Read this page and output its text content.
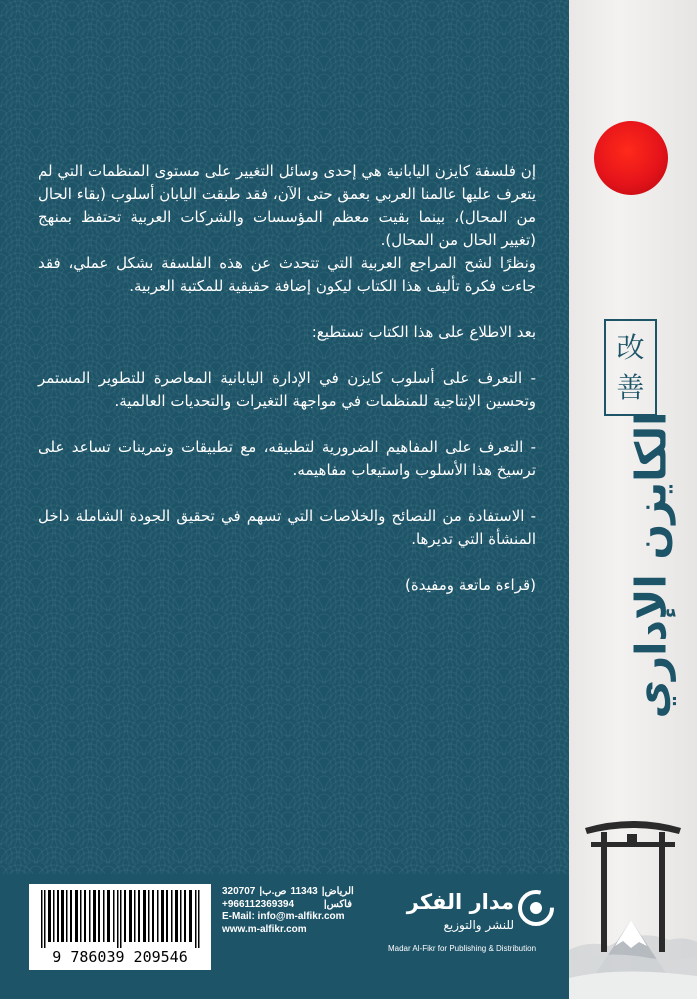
إن فلسفة كايزن اليابانية هي إحدى وسائل التغيير على مستوى المنظمات التي لم يتعرف عليها عالمنا العربي بعمق حتى الآن، فقد طبقت اليابان أسلوب (بقاء الحال من المحال)، بينما بقيت معظم المؤسسات والشركات العربية تحتفظ بمنهج (تغيير الحال من المحال).

ونظرًا لشح المراجع العربية التي تتحدث عن هذه الفلسفة بشكل عملي، فقد جاءت فكرة تأليف هذا الكتاب ليكون إضافة حقيقية للمكتبة العربية.

بعد الاطلاع على هذا الكتاب تستطيع:

- التعرف على أسلوب كايزن في الإدارة اليابانية المعاصرة للتطوير المستمر وتحسين الإنتاجية للمنظمات في مواجهة التغيرات والتحديات العالمية.

- التعرف على المفاهيم الضرورية لتطبيقه، مع تطبيقات وتمرينات تساعد على ترسيخ هذا الأسلوب واستيعاب مفاهيمه.

- الاستفادة من النصائح والخلاصات التي تسهم في تحقيق الجودة الشاملة داخل المنشأة التي تديرها.

(قراءة ماتعة ومفيدة)

9 786039 209546
320707 ص.ب| 11343 الرياض|
+966112369394	فاكس|
E-Mail: info@m-alfikr.com
www.m-alfikr.com
مدار الفكر
للنشر والتوزيع
Madar Al-Fikr for Publishing & Distribution
改
善
الكايزن الإداري
